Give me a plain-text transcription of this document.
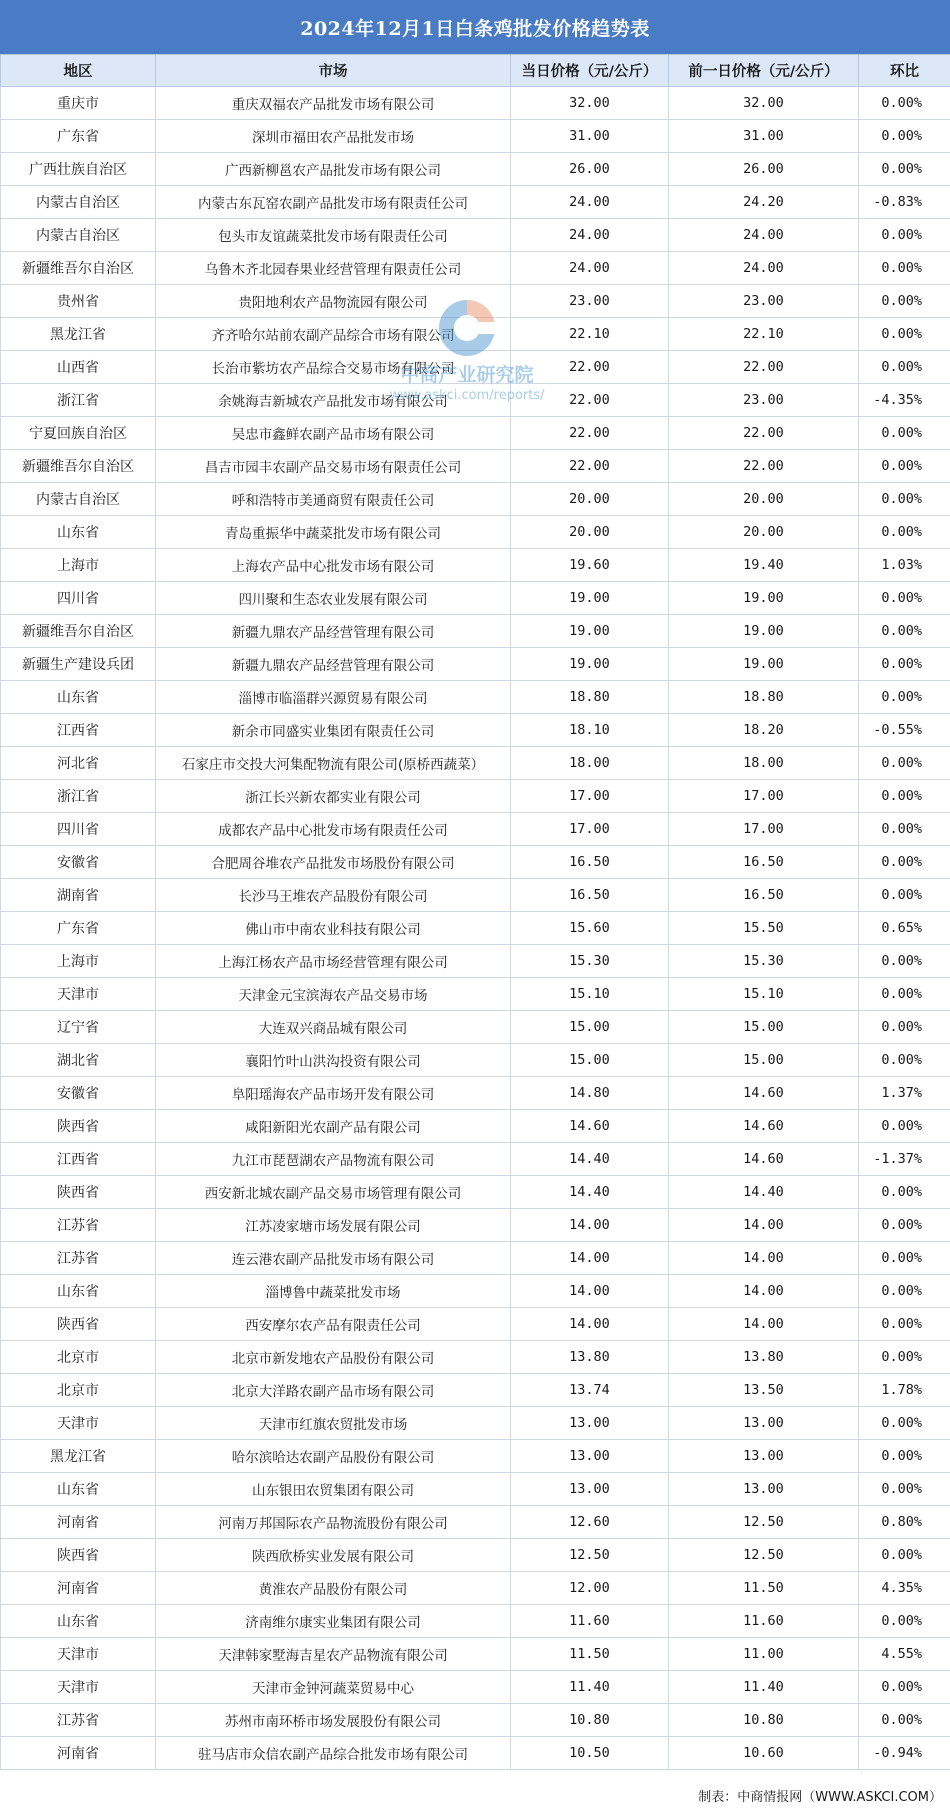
2024年12月1日白条鸡批发价格趋势表
地区	市场	当日价格（元/公斤）	前一日价格（元/公斤）	环比
重庆市	重庆双福农产品批发市场有限公司	32.00	32.00	0.00%
广东省	深圳市福田农产品批发市场	31.00	31.00	0.00%
广西壮族自治区	广西新柳邕农产品批发市场有限公司	26.00	26.00	0.00%
内蒙古自治区	内蒙古东瓦窑农副产品批发市场有限责任公司	24.00	24.20	-0.83%
内蒙古自治区	包头市友谊蔬菜批发市场有限责任公司	24.00	24.00	0.00%
新疆维吾尔自治区	乌鲁木齐北园春果业经营管理有限责任公司	24.00	24.00	0.00%
贵州省	贵阳地利农产品物流园有限公司	23.00	23.00	0.00%
黑龙江省	齐齐哈尔站前农副产品综合市场有限公司	22.10	22.10	0.00%
山西省	长治市紫坊农产品综合交易市场有限公司	22.00	22.00	0.00%
浙江省	余姚海吉新城农产品批发市场有限公司	22.00	23.00	-4.35%
宁夏回族自治区	吴忠市鑫鲜农副产品市场有限公司	22.00	22.00	0.00%
新疆维吾尔自治区	昌吉市园丰农副产品交易市场有限责任公司	22.00	22.00	0.00%
内蒙古自治区	呼和浩特市美通商贸有限责任公司	20.00	20.00	0.00%
山东省	青岛重振华中蔬菜批发市场有限公司	20.00	20.00	0.00%
上海市	上海农产品中心批发市场有限公司	19.60	19.40	1.03%
四川省	四川聚和生态农业发展有限公司	19.00	19.00	0.00%
新疆维吾尔自治区	新疆九鼎农产品经营管理有限公司	19.00	19.00	0.00%
新疆生产建设兵团	新疆九鼎农产品经营管理有限公司	19.00	19.00	0.00%
山东省	淄博市临淄群兴源贸易有限公司	18.80	18.80	0.00%
江西省	新余市同盛实业集团有限责任公司	18.10	18.20	-0.55%
河北省	石家庄市交投大河集配物流有限公司(原桥西蔬菜）	18.00	18.00	0.00%
浙江省	浙江长兴新农都实业有限公司	17.00	17.00	0.00%
四川省	成都农产品中心批发市场有限责任公司	17.00	17.00	0.00%
安徽省	合肥周谷堆农产品批发市场股份有限公司	16.50	16.50	0.00%
湖南省	长沙马王堆农产品股份有限公司	16.50	16.50	0.00%
广东省	佛山市中南农业科技有限公司	15.60	15.50	0.65%
上海市	上海江杨农产品市场经营管理有限公司	15.30	15.30	0.00%
天津市	天津金元宝滨海农产品交易市场	15.10	15.10	0.00%
辽宁省	大连双兴商品城有限公司	15.00	15.00	0.00%
湖北省	襄阳竹叶山洪沟投资有限公司	15.00	15.00	0.00%
安徽省	阜阳瑶海农产品市场开发有限公司	14.80	14.60	1.37%
陕西省	咸阳新阳光农副产品有限公司	14.60	14.60	0.00%
江西省	九江市琵琶湖农产品物流有限公司	14.40	14.60	-1.37%
陕西省	西安新北城农副产品交易市场管理有限公司	14.40	14.40	0.00%
江苏省	江苏凌家塘市场发展有限公司	14.00	14.00	0.00%
江苏省	连云港农副产品批发市场有限公司	14.00	14.00	0.00%
山东省	淄博鲁中蔬菜批发市场	14.00	14.00	0.00%
陕西省	西安摩尔农产品有限责任公司	14.00	14.00	0.00%
北京市	北京市新发地农产品股份有限公司	13.80	13.80	0.00%
北京市	北京大洋路农副产品市场有限公司	13.74	13.50	1.78%
天津市	天津市红旗农贸批发市场	13.00	13.00	0.00%
黑龙江省	哈尔滨哈达农副产品股份有限公司	13.00	13.00	0.00%
山东省	山东银田农贸集团有限公司	13.00	13.00	0.00%
河南省	河南万邦国际农产品物流股份有限公司	12.60	12.50	0.80%
陕西省	陕西欣桥实业发展有限公司	12.50	12.50	0.00%
河南省	黄淮农产品股份有限公司	12.00	11.50	4.35%
山东省	济南维尔康实业集团有限公司	11.60	11.60	0.00%
天津市	天津韩家墅海吉星农产品物流有限公司	11.50	11.00	4.55%
天津市	天津市金钟河蔬菜贸易中心	11.40	11.40	0.00%
江苏省	苏州市南环桥市场发展股份有限公司	10.80	10.80	0.00%
河南省	驻马店市众信农副产品综合批发市场有限公司	10.50	10.60	-0.94%
中商产业研究院
www.askci.com/reports/
制表：中商情报网（WWW.ASKCI.COM）
